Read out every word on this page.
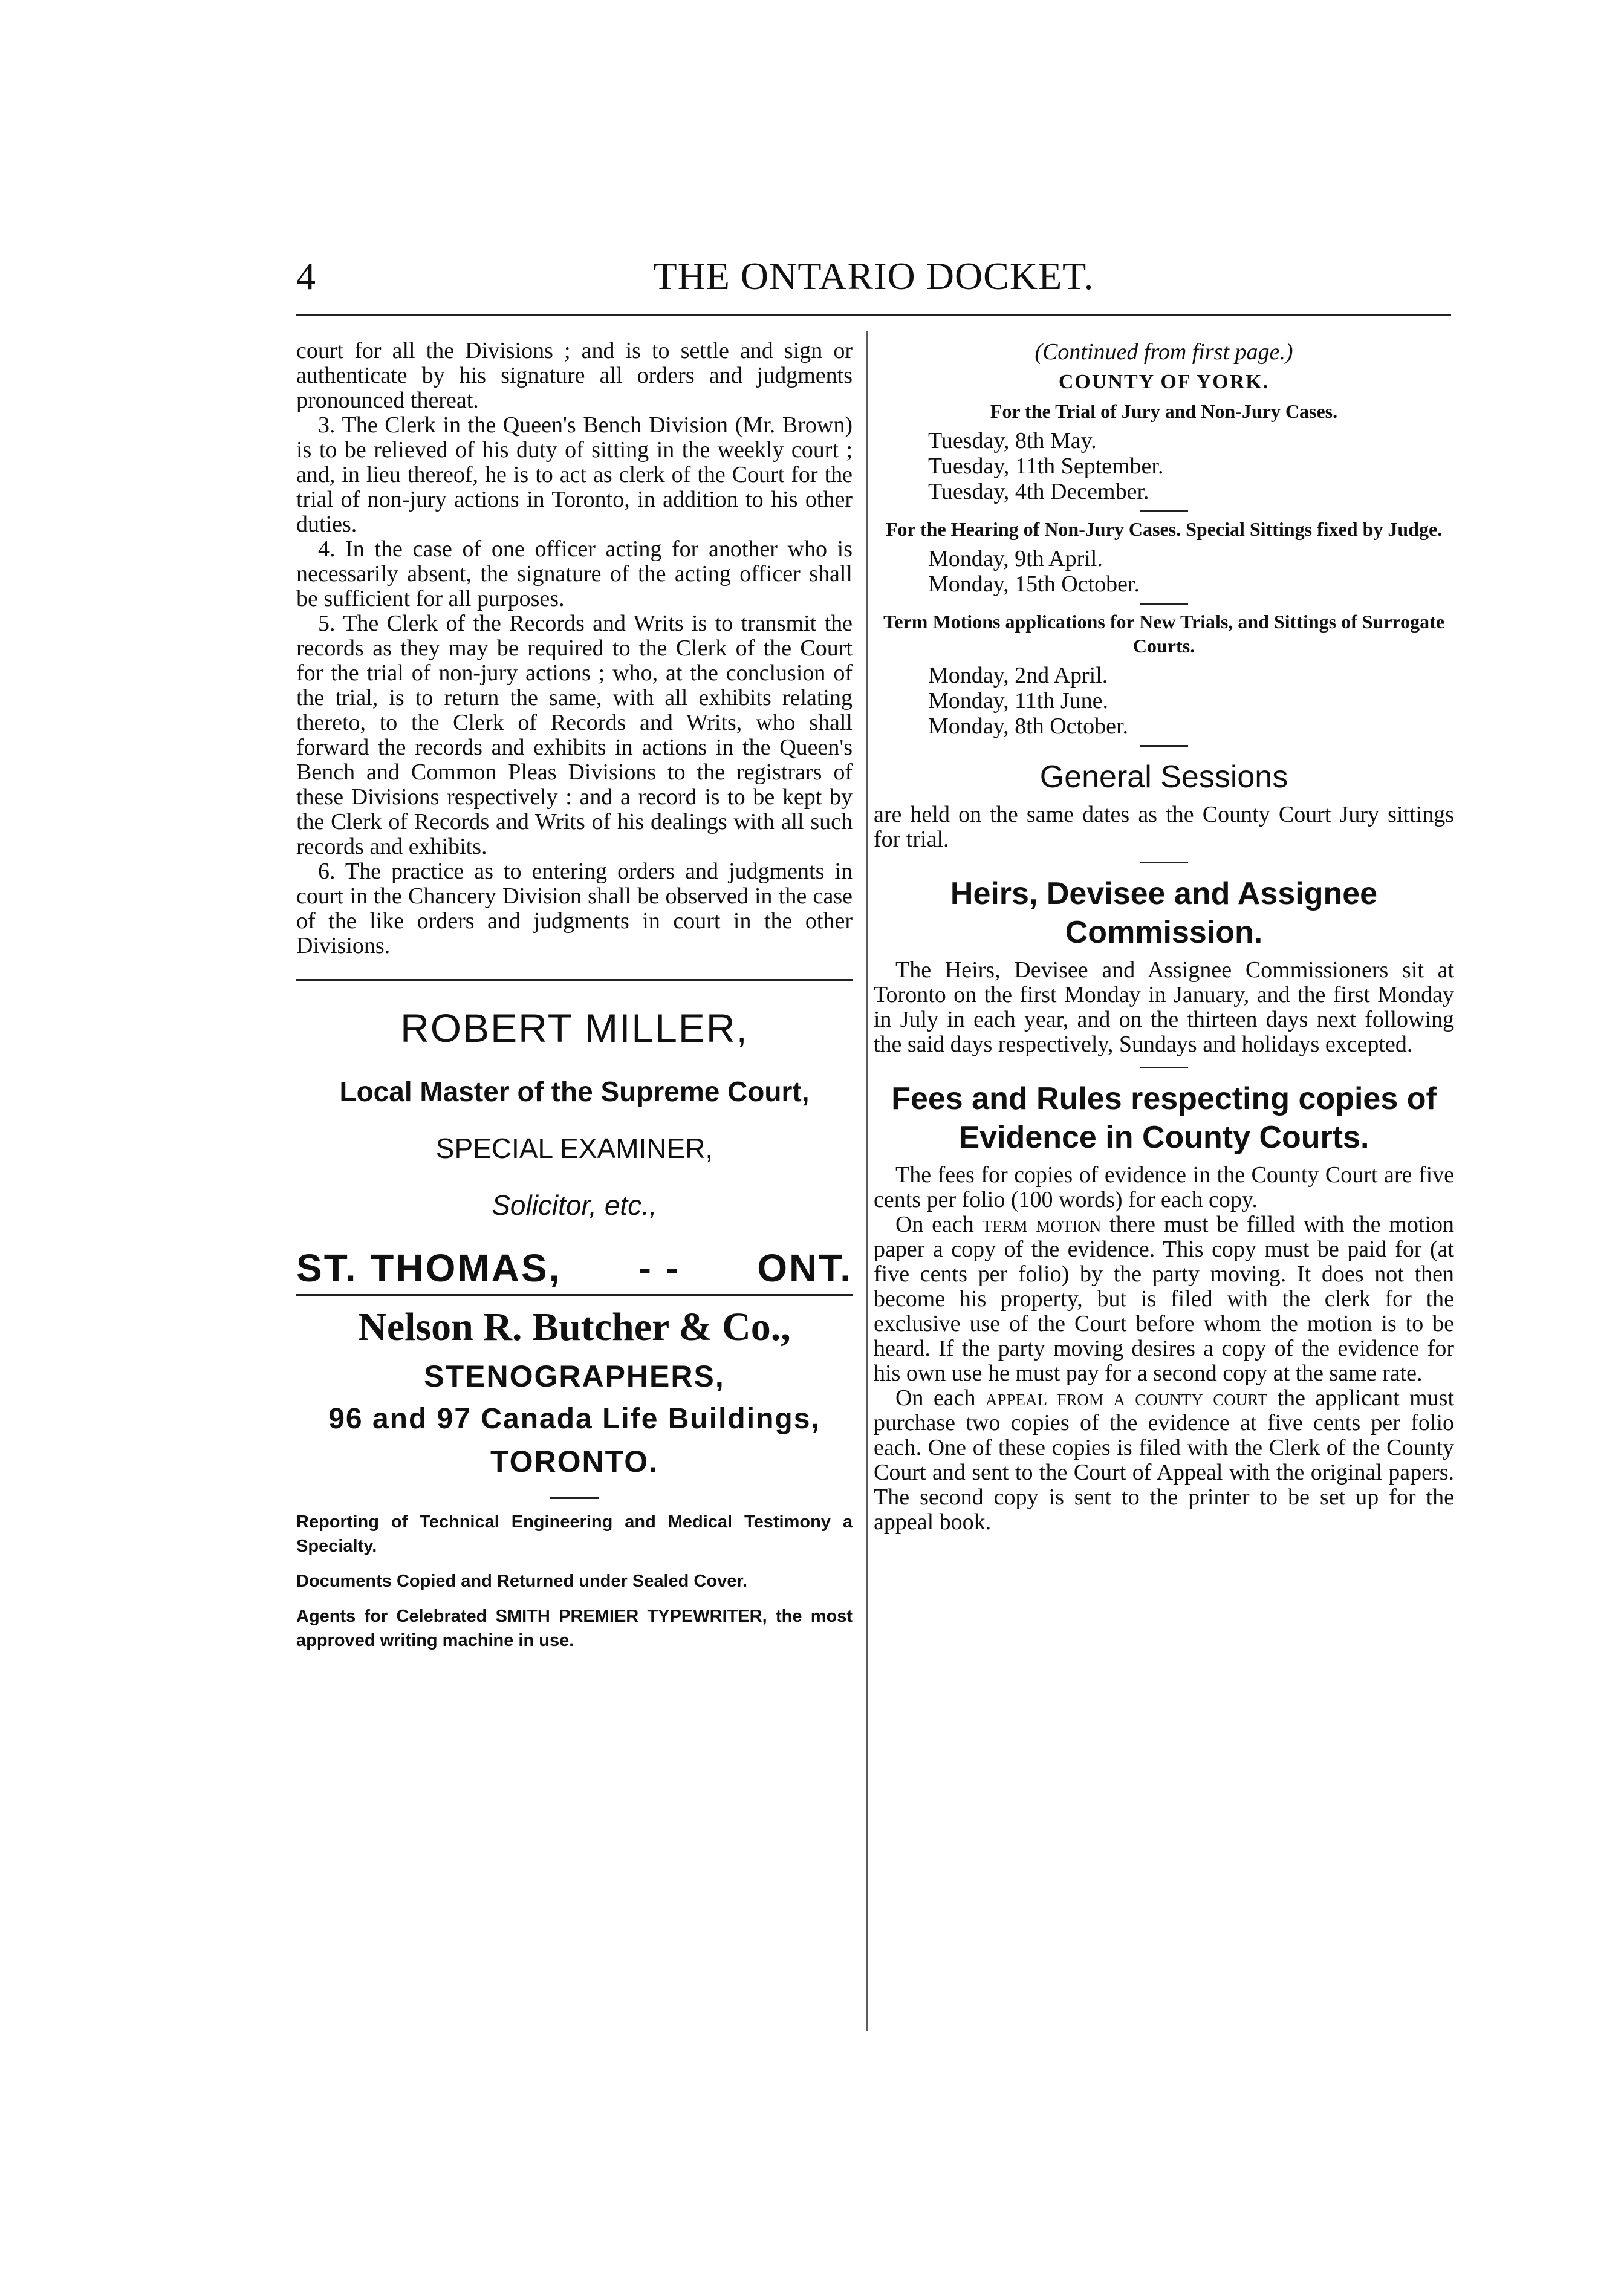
4	THE ONTARIO DOCKET.

court for all the Divisions ; and is to settle and sign or authenticate by his signature all orders and judgments pronounced thereat.

3. The Clerk in the Queen's Bench Division (Mr. Brown) is to be relieved of his duty of sitting in the weekly court ; and, in lieu thereof, he is to act as clerk of the Court for the trial of non-jury actions in Toronto, in addition to his other duties.

4. In the case of one officer acting for another who is necessarily absent, the signature of the acting officer shall be sufficient for all purposes.

5. The Clerk of the Records and Writs is to transmit the records as they may be required to the Clerk of the Court for the trial of non-jury actions ; who, at the conclusion of the trial, is to return the same, with all exhibits relating thereto, to the Clerk of Records and Writs, who shall forward the records and exhibits in actions in the Queen's Bench and Common Pleas Divisions to the registrars of these Divisions respectively : and a record is to be kept by the Clerk of Records and Writs of his dealings with all such records and exhibits.

6. The practice as to entering orders and judgments in court in the Chancery Division shall be observed in the case of the like orders and judgments in court in the other Divisions.

ROBERT MILLER,
Local Master of the Supreme Court,
SPECIAL EXAMINER,
Solicitor, etc.,
ST. THOMAS, - - ONT.
Nelson R. Butcher & Co.,
STENOGRAPHERS,
96 and 97 Canada Life Buildings,
TORONTO.
Reporting of Technical Engineering and Medical Testimony a Specialty.
Documents Copied and Returned under Sealed Cover.
Agents for Celebrated SMITH PREMIER TYPEWRITER, the most approved writing machine in use.
(Continued from first page.)
COUNTY OF YORK.
For the Trial of Jury and Non-Jury Cases.
Tuesday, 8th May.
Tuesday, 11th September.
Tuesday, 4th December.
For the Hearing of Non-Jury Cases. Special Sittings fixed by Judge.
Monday, 9th April.
Monday, 15th October.
Term Motions applications for New Trials, and Sittings of Surrogate Courts.
Monday, 2nd April.
Monday, 11th June.
Monday, 8th October.
General Sessions

are held on the same dates as the County Court Jury sittings for trial.

Heirs, Devisee and Assignee Commission.

The Heirs, Devisee and Assignee Commissioners sit at Toronto on the first Monday in January, and the first Monday in July in each year, and on the thirteen days next following the said days respectively, Sundays and holidays excepted.

Fees and Rules respecting copies of Evidence in County Courts.

The fees for copies of evidence in the County Court are five cents per folio (100 words) for each copy.

On each term motion there must be filled with the motion paper a copy of the evidence. This copy must be paid for (at five cents per folio) by the party moving. It does not then become his property, but is filed with the clerk for the exclusive use of the Court before whom the motion is to be heard. If the party moving desires a copy of the evidence for his own use he must pay for a second copy at the same rate.

On each appeal from a county court the applicant must purchase two copies of the evidence at five cents per folio each. One of these copies is filed with the Clerk of the County Court and sent to the Court of Appeal with the original papers. The second copy is sent to the printer to be set up for the appeal book.
